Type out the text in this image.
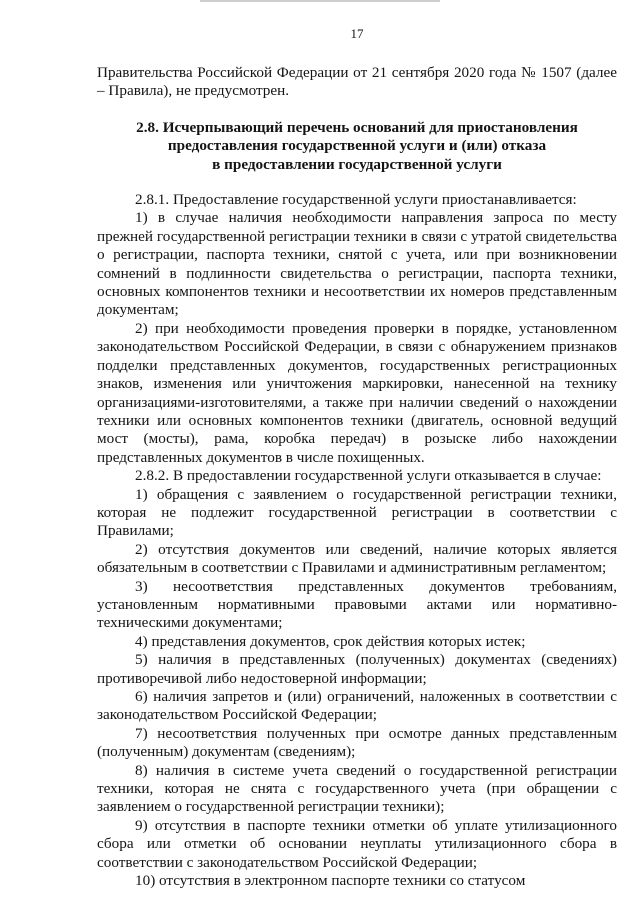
17

Правительства Российской Федерации от 21 сентября 2020 года № 1507 (далее – Правила), не предусмотрен.

2.8. Исчерпывающий перечень оснований для приостановления
предоставления государственной услуги и (или) отказа
в предоставлении государственной услуги

2.8.1. Предоставление государственной услуги приостанавливается:

1) в случае наличия необходимости направления запроса по месту прежней государственной регистрации техники в связи с утратой свидетельства о регистрации, паспорта техники, снятой с учета, или при возникновении сомнений в подлинности свидетельства о регистрации, паспорта техники, основных компонентов техники и несоответствии их номеров представленным документам;

2) при необходимости проведения проверки в порядке, установленном законодательством Российской Федерации, в связи с обнаружением признаков подделки представленных документов, государственных регистрационных знаков, изменения или уничтожения маркировки, нанесенной на технику организациями-изготовителями, а также при наличии сведений о нахождении техники или основных компонентов техники (двигатель, основной ведущий мост (мосты), рама, коробка передач) в розыске либо нахождении представленных документов в числе похищенных.

2.8.2. В предоставлении государственной услуги отказывается в случае:

1) обращения с заявлением о государственной регистрации техники, которая не подлежит государственной регистрации в соответствии с Правилами;

2) отсутствия документов или сведений, наличие которых является обязательным в соответствии с Правилами и административным регламентом;

3) несоответствия представленных документов требованиям, установленным нормативными правовыми актами или нормативно-техническими документами;

4) представления документов, срок действия которых истек;

5) наличия в представленных (полученных) документах (сведениях) противоречивой либо недостоверной информации;

6) наличия запретов и (или) ограничений, наложенных в соответствии с законодательством Российской Федерации;

7) несоответствия полученных при осмотре данных представленным (полученным) документам (сведениям);

8) наличия в системе учета сведений о государственной регистрации техники, которая не снята с государственного учета (при обращении с заявлением о государственной регистрации техники);

9) отсутствия в паспорте техники отметки об уплате утилизационного сбора или отметки об основании неуплаты утилизационного сбора в соответствии с законодательством Российской Федерации;

10) отсутствия в электронном паспорте техники со статусом
